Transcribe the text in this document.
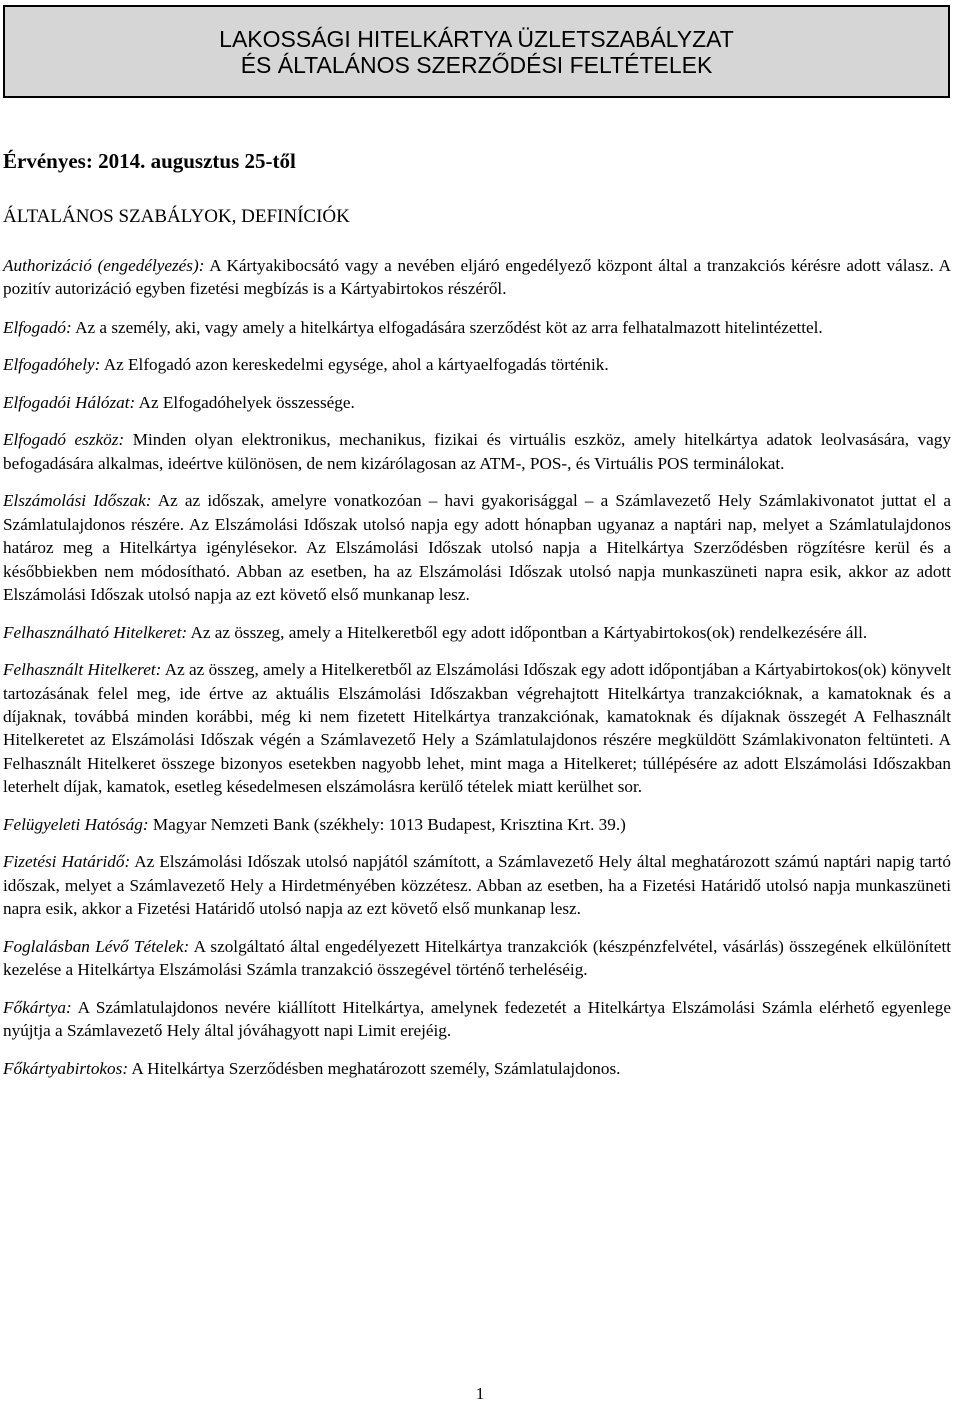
LAKOSSÁGI HITELKÁRTYA ÜZLETSZABÁLYZAT
ÉS ÁLTALÁNOS SZERZŐDÉSI FELTÉTELEK
Érvényes: 2014. augusztus 25-től
ÁLTALÁNOS SZABÁLYOK, DEFINÍCIÓK

Authorizáció (engedélyezés): A Kártyakibocsátó vagy a nevében eljáró engedélyező központ által a tranzakciós kérésre adott válasz. A pozitív autorizáció egyben fizetési megbízás is a Kártyabirtokos részéről.

Elfogadó: Az a személy, aki, vagy amely a hitelkártya elfogadására szerződést köt az arra felhatalmazott hitelintézettel.

Elfogadóhely: Az Elfogadó azon kereskedelmi egysége, ahol a kártyaelfogadás történik.

Elfogadói Hálózat: Az Elfogadóhelyek összessége.

Elfogadó eszköz: Minden olyan elektronikus, mechanikus, fizikai és virtuális eszköz, amely hitelkártya adatok leolvasására, vagy befogadására alkalmas, ideértve különösen, de nem kizárólagosan az ATM-, POS-, és Virtuális POS terminálokat.

Elszámolási Időszak: Az az időszak, amelyre vonatkozóan – havi gyakorisággal – a Számlavezető Hely Számlakivonatot juttat el a Számlatulajdonos részére. Az Elszámolási Időszak utolsó napja egy adott hónapban ugyanaz a naptári nap, melyet a Számlatulajdonos határoz meg a Hitelkártya igénylésekor. Az Elszámolási Időszak utolsó napja a Hitelkártya Szerződésben rögzítésre kerül és a későbbiekben nem módosítható. Abban az esetben, ha az Elszámolási Időszak utolsó napja munkaszüneti napra esik, akkor az adott Elszámolási Időszak utolsó napja az ezt követő első munkanap lesz.

Felhasználható Hitelkeret: Az az összeg, amely a Hitelkeretből egy adott időpontban a Kártyabirtokos(ok) rendelkezésére áll.

Felhasznált Hitelkeret: Az az összeg, amely a Hitelkeretből az Elszámolási Időszak egy adott időpontjában a Kártyabirtokos(ok) könyvelt tartozásának felel meg, ide értve az aktuális Elszámolási Időszakban végrehajtott Hitelkártya tranzakcióknak, a kamatoknak és a díjaknak, továbbá minden korábbi, még ki nem fizetett Hitelkártya tranzakciónak, kamatoknak és díjaknak összegét A Felhasznált Hitelkeretet az Elszámolási Időszak végén a Számlavezető Hely a Számlatulajdonos részére megküldött Számlakivonaton feltünteti. A Felhasznált Hitelkeret összege bizonyos esetekben nagyobb lehet, mint maga a Hitelkeret; túllépésére az adott Elszámolási Időszakban leterhelt díjak, kamatok, esetleg késedelmesen elszámolásra kerülő tételek miatt kerülhet sor.

Felügyeleti Hatóság: Magyar Nemzeti Bank (székhely: 1013 Budapest, Krisztina Krt. 39.)

Fizetési Határidő: Az Elszámolási Időszak utolsó napjától számított, a Számlavezető Hely által meghatározott számú naptári napig tartó időszak, melyet a Számlavezető Hely a Hirdetményében közzétesz. Abban az esetben, ha a Fizetési Határidő utolsó napja munkaszüneti napra esik, akkor a Fizetési Határidő utolsó napja az ezt követő első munkanap lesz.

Foglalásban Lévő Tételek: A szolgáltató által engedélyezett Hitelkártya tranzakciók (készpénzfelvétel, vásárlás) összegének elkülönített kezelése a Hitelkártya Elszámolási Számla tranzakció összegével történő terheléséig.

Főkártya: A Számlatulajdonos nevére kiállított Hitelkártya, amelynek fedezetét a Hitelkártya Elszámolási Számla elérhető egyenlege nyújtja a Számlavezető Hely által jóváhagyott napi Limit erejéig.

Főkártyabirtokos: A Hitelkártya Szerződésben meghatározott személy, Számlatulajdonos.

1
